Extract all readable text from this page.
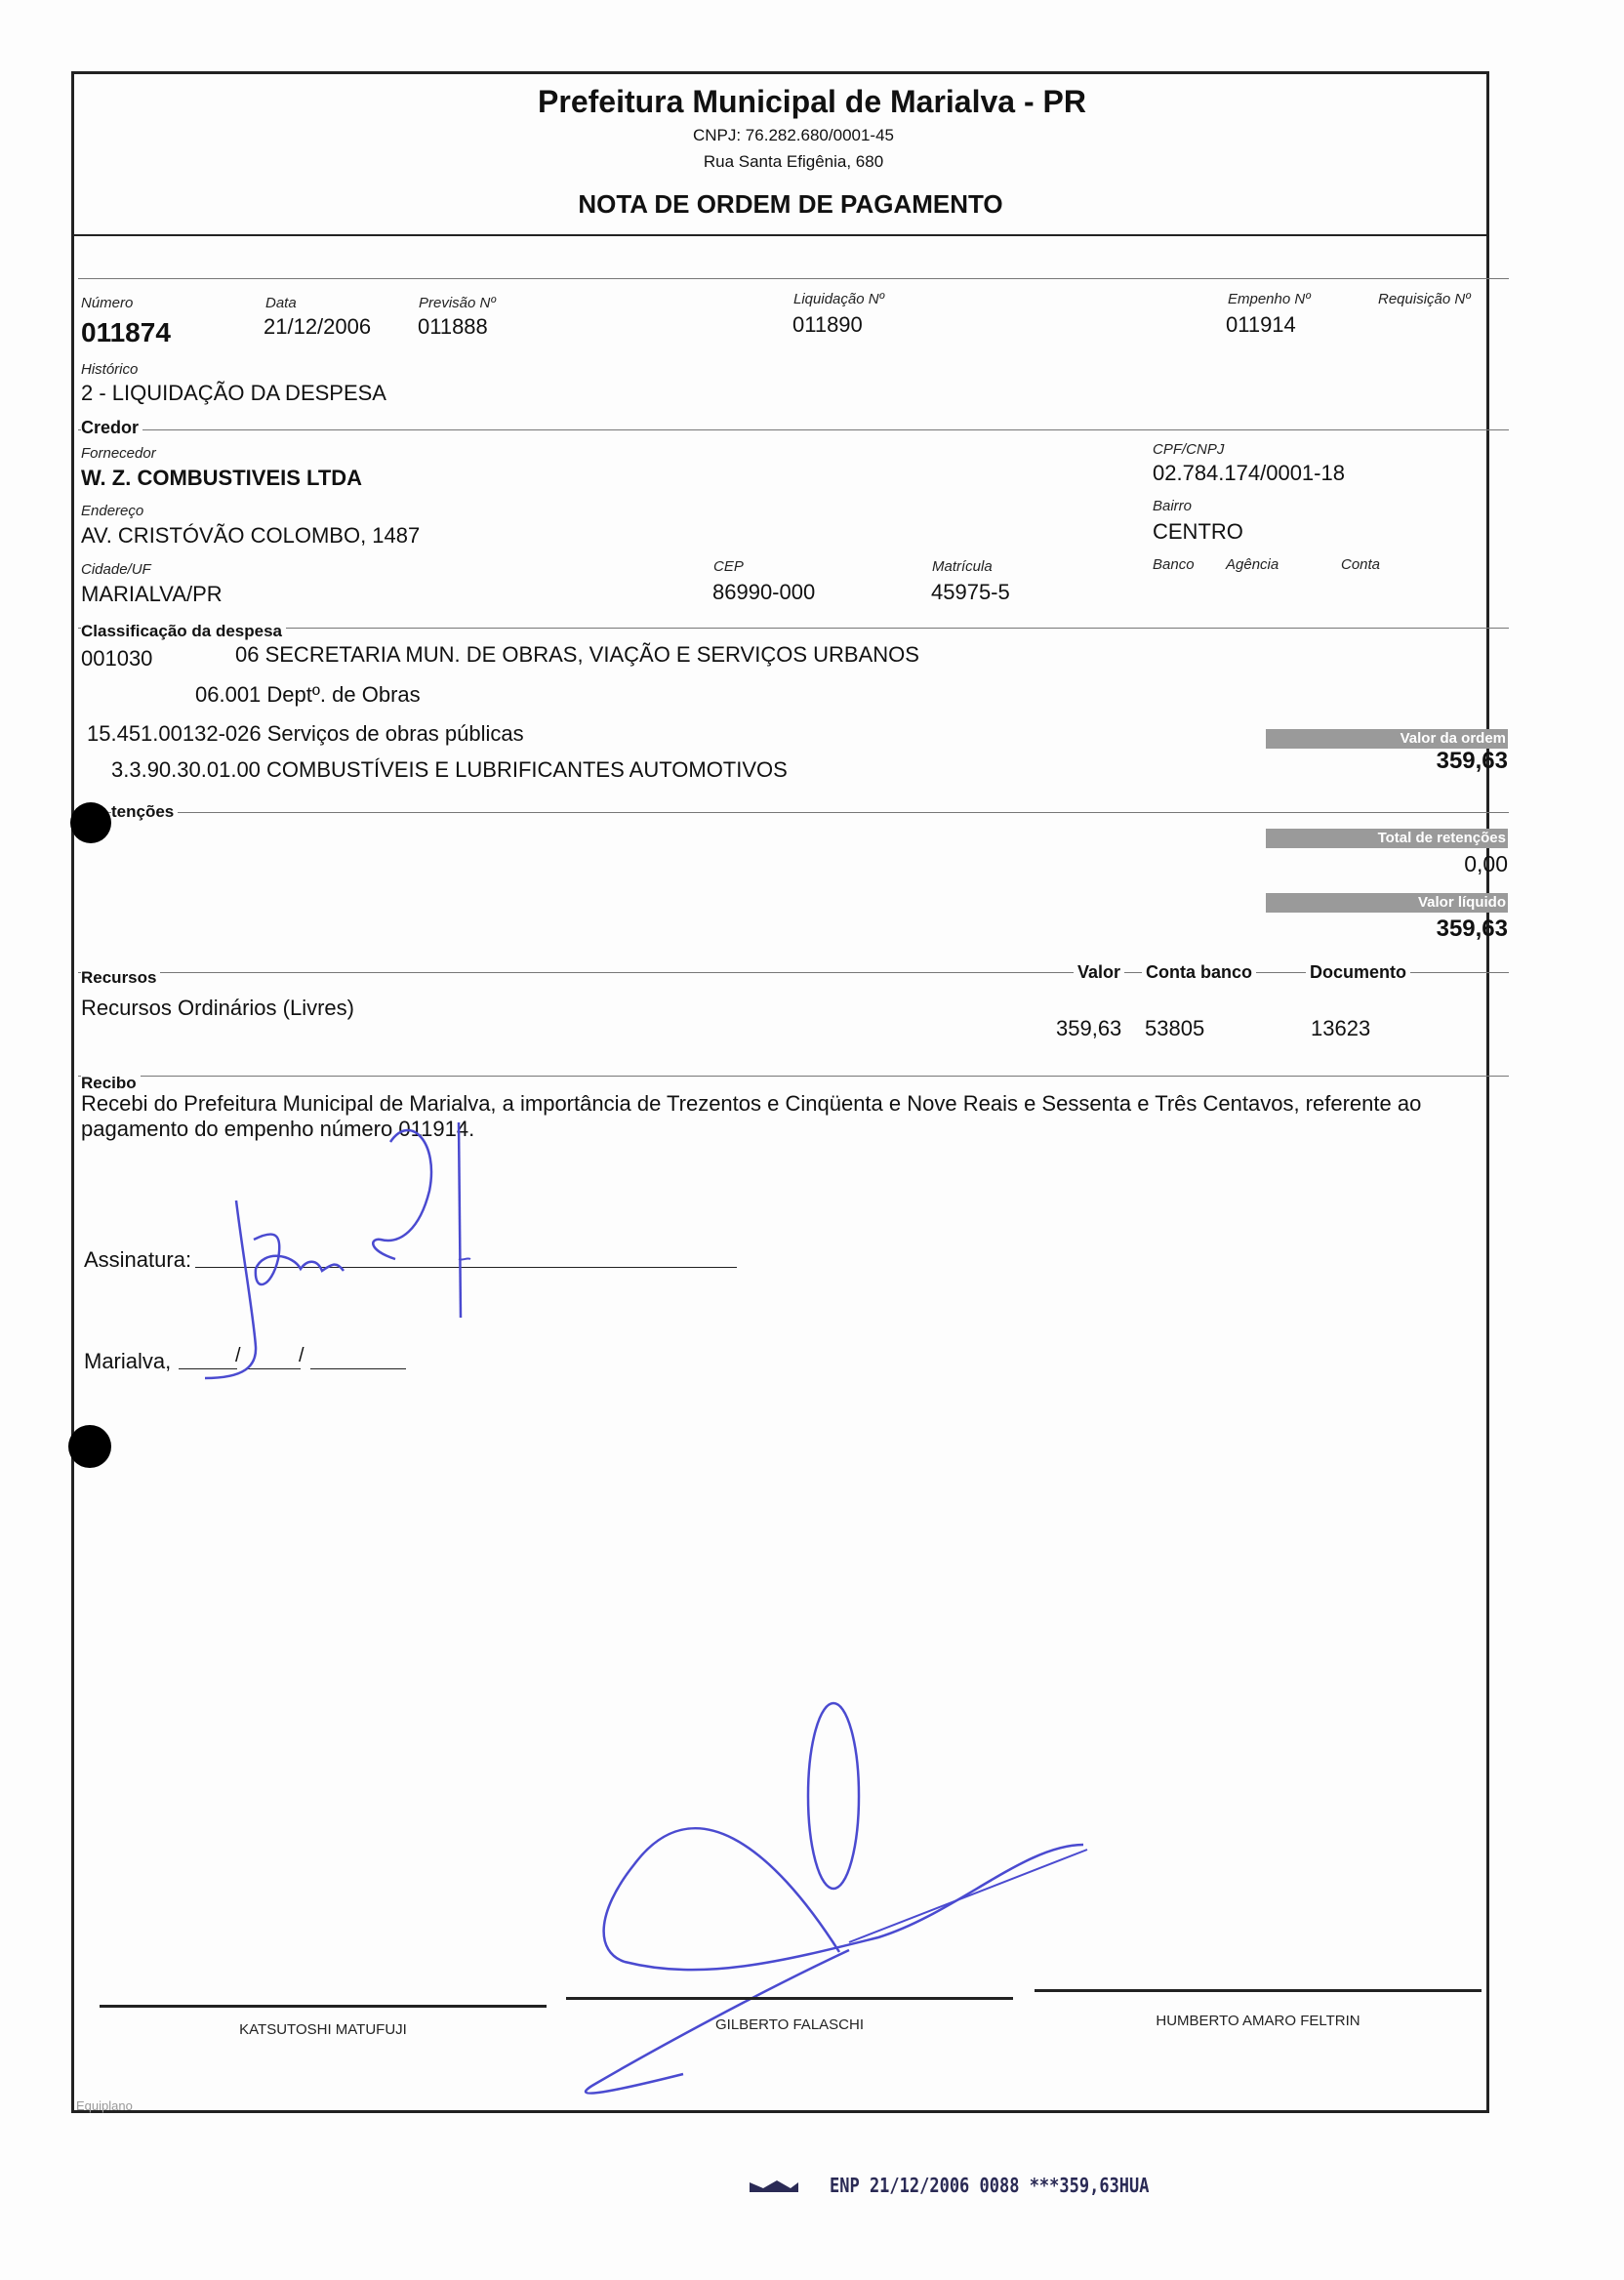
Prefeitura Municipal de Marialva - PR
CNPJ: 76.282.680/0001-45
Rua Santa Efigênia, 680
NOTA DE ORDEM DE PAGAMENTO
Número
011874
Data
21/12/2006
Previsão Nº
011888
Liquidação Nº
011890
Empenho Nº
011914
Requisição Nº
Histórico
2 - LIQUIDAÇÃO DA DESPESA
Credor
Fornecedor
W. Z. COMBUSTIVEIS LTDA
CPF/CNPJ
02.784.174/0001-18
Endereço
AV. CRISTÓVÃO COLOMBO, 1487
Bairro
CENTRO
Cidade/UF
MARIALVA/PR
CEP
86990-000
Matrícula
45975-5
Banco Agência	Conta
Classificação da despesa
001030	06 SECRETARIA MUN. DE OBRAS, VIAÇÃO E SERVIÇOS URBANOS
06.001 Deptº. de Obras
15.451.00132-026 Serviços de obras públicas
3.3.90.30.01.00 COMBUSTÍVEIS E LUBRIFICANTES AUTOMOTIVOS
Valor da ordem
359,63
tenções
Total de retenções
0,00
Valor líquido
359,63
Recursos	Valor Conta banco	Documento
Recursos Ordinários (Livres)
359,63 53805	13623
Recibo
Recebi do Prefeitura Municipal de Marialva, a importância de Trezentos e Cinqüenta e Nove Reais e Sessenta e Três Centavos, referente ao pagamento do empenho número 011914.
Assinatura:
Marialva,	/	/
KATSUTOSHI MATUFUJI	GILBERTO FALASCHI	HUMBERTO AMARO FELTRIN
Equiplano
ENP 21/12/2006 0088 ***359,63HUA
